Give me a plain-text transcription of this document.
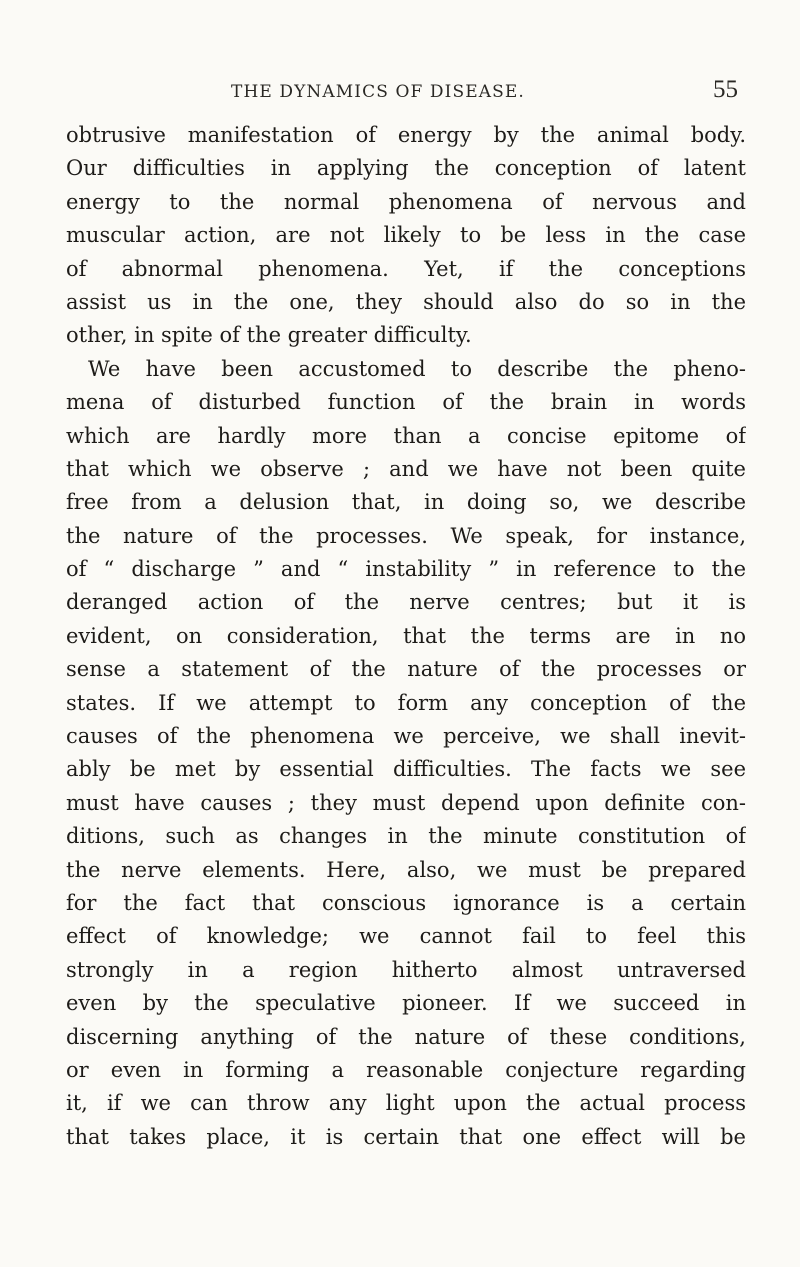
THE DYNAMICS OF DISEASE.	55
obtrusive manifestation of energy by the animal body.
Our difficulties in applying the conception of latent
energy to the normal phenomena of nervous and
muscular action, are not likely to be less in the case
of abnormal phenomena. Yet, if the conceptions
assist us in the one, they should also do so in the
other, in spite of the greater difficulty.
We have been accustomed to describe the pheno-
mena of disturbed function of the brain in words
which are hardly more than a concise epitome of
that which we observe ; and we have not been quite
free from a delusion that, in doing so, we describe
the nature of the processes. We speak, for instance,
of “ discharge ” and “ instability ” in reference to the
deranged action of the nerve centres; but it is
evident, on consideration, that the terms are in no
sense a statement of the nature of the processes or
states. If we attempt to form any conception of the
causes of the phenomena we perceive, we shall inevit-
ably be met by essential difficulties. The facts we see
must have causes ; they must depend upon definite con-
ditions, such as changes in the minute constitution of
the nerve elements. Here, also, we must be prepared
for the fact that conscious ignorance is a certain
effect of knowledge; we cannot fail to feel this
strongly in a region hitherto almost untraversed
even by the speculative pioneer. If we succeed in
discerning anything of the nature of these conditions,
or even in forming a reasonable conjecture regarding
it, if we can throw any light upon the actual process
that takes place, it is certain that one effect will be
